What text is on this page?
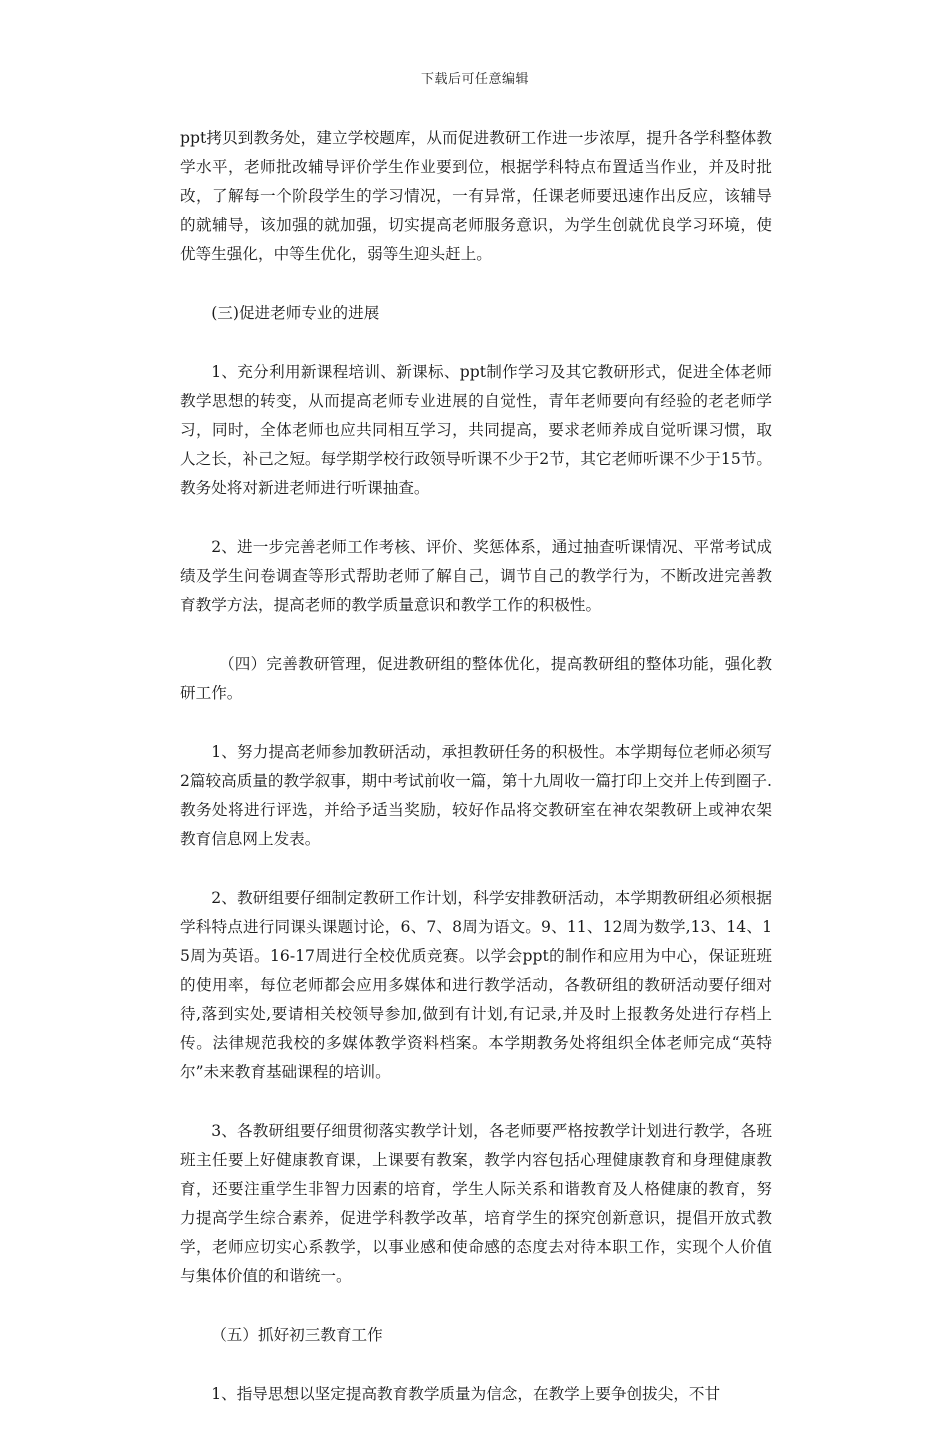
下载后可任意编辑

ppt拷贝到教务处，建立学校题库，从而促进教研工作进一步浓厚，提升各学科整体教学水平，老师批改辅导评价学生作业要到位，根据学科特点布置适当作业，并及时批改，了解每一个阶段学生的学习情况，一有异常，任课老师要迅速作出反应，该辅导的就辅导，该加强的就加强，切实提高老师服务意识，为学生创就优良学习环境，使优等生强化，中等生优化，弱等生迎头赶上。

(三)促进老师专业的进展

1、充分利用新课程培训、新课标、ppt制作学习及其它教研形式，促进全体老师教学思想的转变，从而提高老师专业进展的自觉性，青年老师要向有经验的老老师学习，同时，全体老师也应共同相互学习，共同提高，要求老师养成自觉听课习惯，取人之长，补己之短。每学期学校行政领导听课不少于2节，其它老师听课不少于15节。教务处将对新进老师进行听课抽查。

2、进一步完善老师工作考核、评价、奖惩体系，通过抽查听课情况、平常考试成绩及学生问卷调查等形式帮助老师了解自己，调节自己的教学行为，不断改进完善教育教学方法，提高老师的教学质量意识和教学工作的积极性。

（四）完善教研管理，促进教研组的整体优化，提高教研组的整体功能，强化教研工作。

1、努力提高老师参加教研活动，承担教研任务的积极性。本学期每位老师必须写2篇较高质量的教学叙事，期中考试前收一篇，第十九周收一篇打印上交并上传到圈子.教务处将进行评选，并给予适当奖励，较好作品将交教研室在神农架教研上或神农架教育信息网上发表。

2、教研组要仔细制定教研工作计划，科学安排教研活动，本学期教研组必须根据学科特点进行同课头课题讨论，6、7、8周为语文。9、11、12周为数学,13、14、15周为英语。16-17周进行全校优质竞赛。以学会ppt的制作和应用为中心，保证班班的使用率，每位老师都会应用多媒体和进行教学活动，各教研组的教研活动要仔细对待,落到实处,要请相关校领导参加,做到有计划,有记录,并及时上报教务处进行存档上传。法律规范我校的多媒体教学资料档案。本学期教务处将组织全体老师完成“英特尔”未来教育基础课程的培训。

3、各教研组要仔细贯彻落实教学计划，各老师要严格按教学计划进行教学，各班班主任要上好健康教育课，上课要有教案，教学内容包括心理健康教育和身理健康教育，还要注重学生非智力因素的培育，学生人际关系和谐教育及人格健康的教育，努力提高学生综合素养，促进学科教学改革，培育学生的探究创新意识，提倡开放式教学，老师应切实心系教学，以事业感和使命感的态度去对待本职工作，实现个人价值与集体价值的和谐统一。

（五）抓好初三教育工作

1、指导思想以坚定提高教育教学质量为信念，在教学上要争创拔尖，不甘
